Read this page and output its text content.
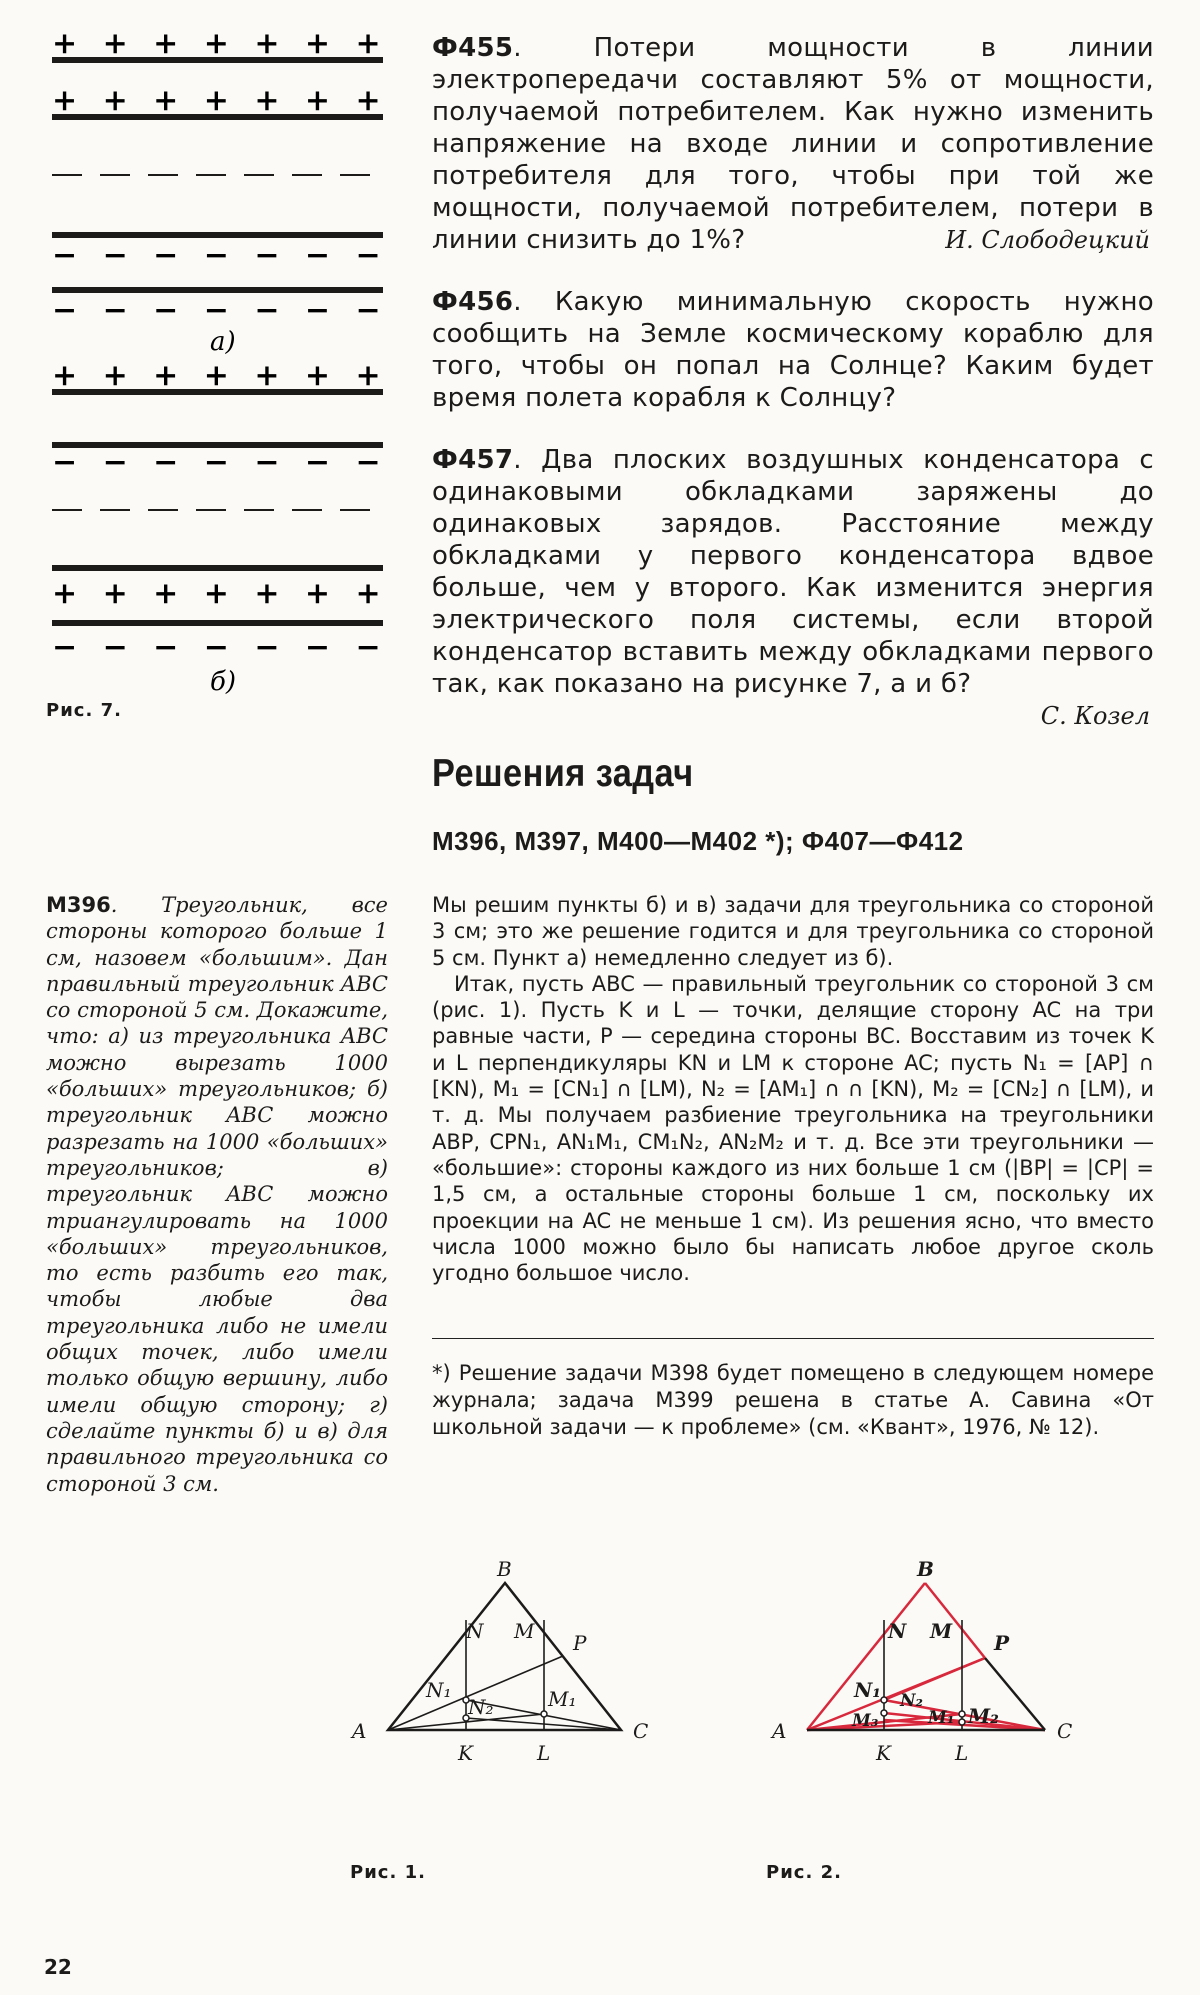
+ + + + + + +
+ + + + + + +
− − − − − − −
− − − − − − −
а)
+ + + + + + +
− − − − − − −
+ + + + + + +
− − − − − − −
б)
Рис. 7.

Ф455. Потери мощности в линии электропередачи составляют 5% от мощности, получаемой потребителем. Как нужно изменить напряжение на входе линии и сопротивление потребителя для того, чтобы при той же мощности, получаемой потребителем, потери в линии снизить до 1%?	И. Слободецкий

Ф456. Какую минимальную скорость нужно сообщить на Земле космическому кораблю для того, чтобы он попал на Солнце? Каким будет время полета корабля к Солнцу?

Ф457. Два плоских воздушных конденсатора с одинаковыми обкладками заряжены до одинаковых зарядов. Расстояние между обкладками у первого конденсатора вдвое больше, чем у второго. Как изменится энергия электрического поля системы, если второй конденсатор вставить между обкладками первого так, как показано на рисунке 7, а и б?

С. Козел
Решения задач
М396, М397, М400—М402 *); Ф407—Ф412

М396. Треугольник, все стороны которого больше 1 см, назовем «большим». Дан правильный треугольник ABC со стороной 5 см. Докажите, что: а) из треугольника ABC можно вырезать 1000 «больших» треугольников; б) треугольник ABC можно разрезать на 1000 «больших» треугольников; в) треугольник ABC можно триангулировать на 1000 «больших» треугольников, то есть разбить его так, чтобы любые два треугольника либо не имели общих точек, либо имели только общую вершину, либо имели общую сторону; г) сделайте пункты б) и в) для правильного треугольника со стороной 3 см.

Мы решим пункты б) и в) задачи для треугольника со стороной 3 см; это же решение годится и для треугольника со стороной 5 см. Пункт а) немедленно следует из б).

Итак, пусть ABC — правильный треугольник со стороной 3 см (рис. 1). Пусть K и L — точки, делящие сторону AC на три равные части, P — середина стороны BC. Восставим из точек K и L перпендикуляры KN и LM к стороне AC; пусть N₁ = [AP] ∩ [KN), M₁ = [CN₁] ∩ [LM), N₂ = [AM₁] ∩ ∩ [KN), M₂ = [CN₂] ∩ [LM), и т. д. Мы получаем разбиение треугольника на треугольники ABP, CPN₁, AN₁M₁, CM₁N₂, AN₂M₂ и т. д. Все эти треугольники — «большие»: стороны каждого из них больше 1 см (|BP| = |CP| = 1,5 см, а остальные стороны больше 1 см, поскольку их проекции на AC не меньше 1 см). Из решения ясно, что вместо числа 1000 можно было бы написать любое другое сколь угодно большое число.

*) Решение задачи М398 будет помещено в следующем номере журнала; задача М399 решена в статье А. Савина «От школьной задачи — к проблеме» (см. «Квант», 1976, № 12).

B
A	C
K	L
N M P
N₁
N₂	M₁
Рис. 1.
B
A	C
K	L
N M P
N₁ N₂
M₁ M₂
M₃
Рис. 2.
22
